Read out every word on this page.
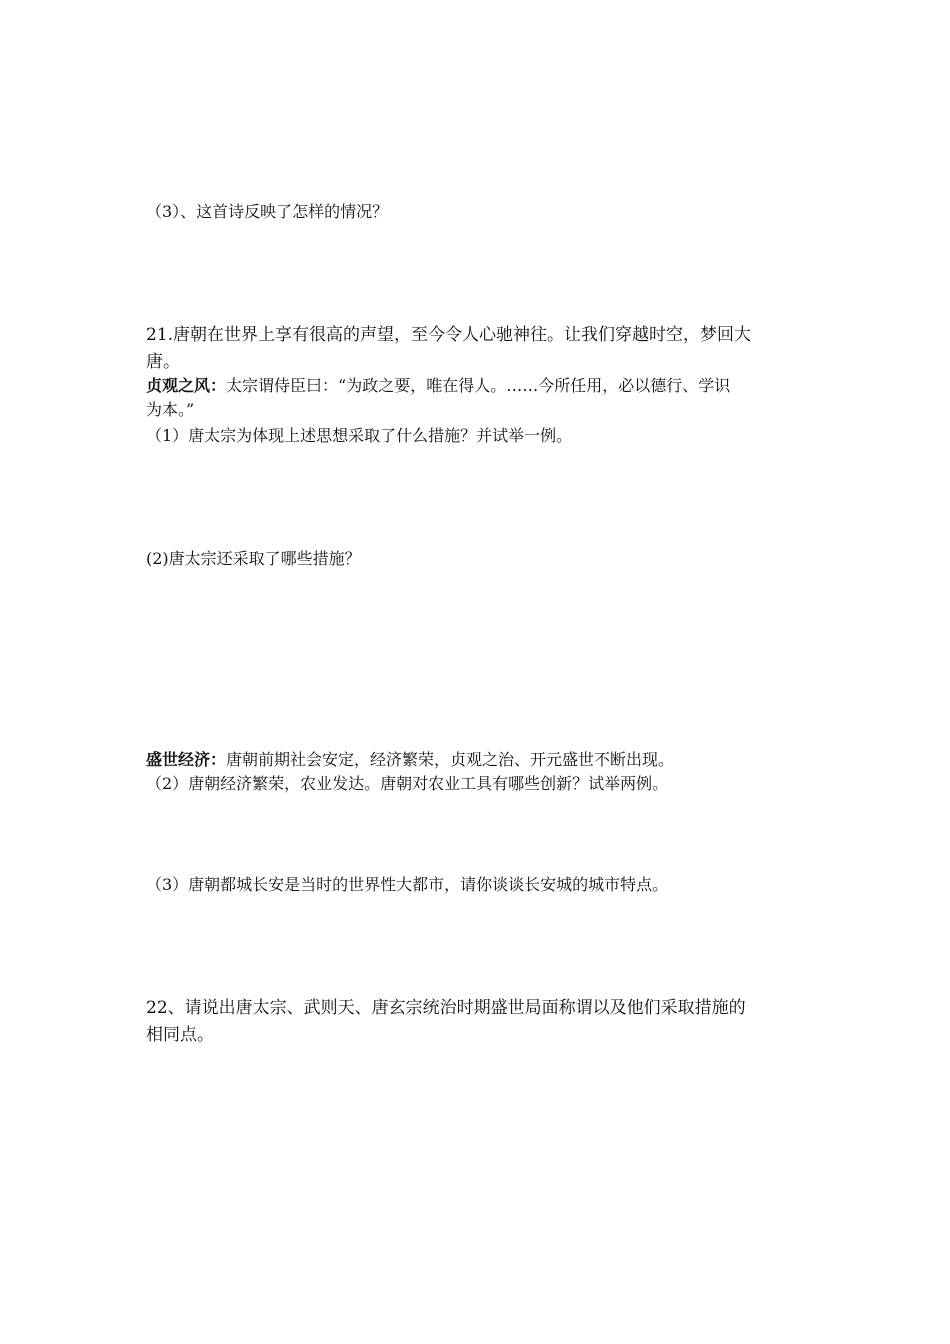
（3）、这首诗反映了怎样的情况？
21.唐朝在世界上享有很高的声望，至今令人心驰神往。让我们穿越时空，梦回大
唐。
贞观之风：太宗谓侍臣曰：“为政之要，唯在得人。……今所任用，必以德行、学识
为本。”
（1）唐太宗为体现上述思想采取了什么措施？并试举一例。
(2)唐太宗还采取了哪些措施？
盛世经济：唐朝前期社会安定，经济繁荣，贞观之治、开元盛世不断出现。
（2）唐朝经济繁荣，农业发达。唐朝对农业工具有哪些创新？试举两例。
（3）唐朝都城长安是当时的世界性大都市，请你谈谈长安城的城市特点。
22、请说出唐太宗、武则天、唐玄宗统治时期盛世局面称谓以及他们采取措施的
相同点。
